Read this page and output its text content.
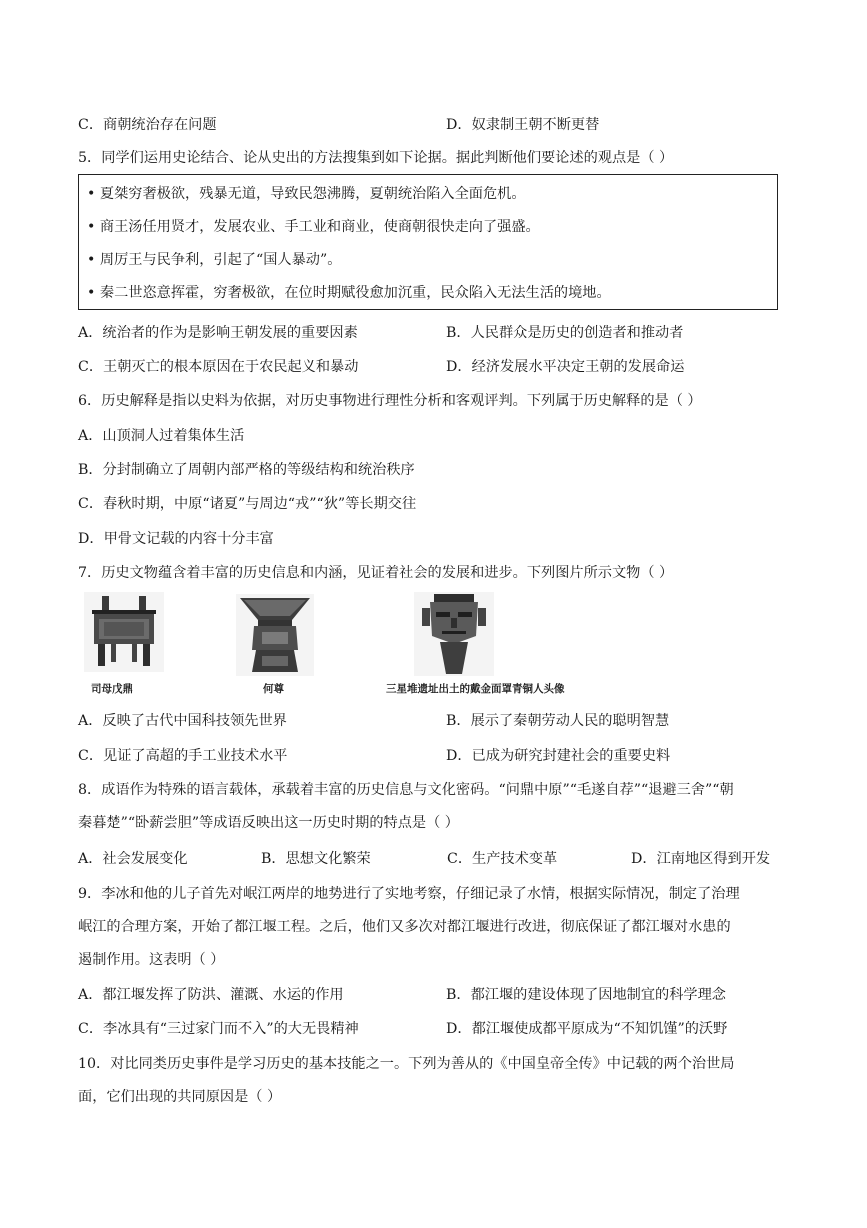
C．商朝统治存在问题	D．奴隶制王朝不断更替
5．同学们运用史论结合、论从史出的方法搜集到如下论据。据此判断他们要论述的观点是（ ）
• 夏桀穷奢极欲，残暴无道，导致民怨沸腾，夏朝统治陷入全面危机。
• 商王汤任用贤才，发展农业、手工业和商业，使商朝很快走向了强盛。
• 周厉王与民争利，引起了“国人暴动”。
• 秦二世恣意挥霍，穷奢极欲，在位时期赋役愈加沉重，民众陷入无法生活的境地。
A．统治者的作为是影响王朝发展的重要因素	B．人民群众是历史的创造者和推动者
C．王朝灭亡的根本原因在于农民起义和暴动	D．经济发展水平决定王朝的发展命运
6．历史解释是指以史料为依据，对历史事物进行理性分析和客观评判。下列属于历史解释的是（ ）
A．山顶洞人过着集体生活
B．分封制确立了周朝内部严格的等级结构和统治秩序
C．春秋时期，中原“诸夏”与周边“戎”“狄”等长期交往
D．甲骨文记载的内容十分丰富
7．历史文物蕴含着丰富的历史信息和内涵，见证着社会的发展和进步。下列图片所示文物（ ）
司母戊鼎	何尊	三星堆遗址出土的戴金面罩青铜人头像
A．反映了古代中国科技领先世界	B．展示了秦朝劳动人民的聪明智慧
C．见证了高超的手工业技术水平	D．已成为研究封建社会的重要史料
8．成语作为特殊的语言载体，承载着丰富的历史信息与文化密码。“问鼎中原”“毛遂自荐”“退避三舍”“朝
秦暮楚”“卧薪尝胆”等成语反映出这一历史时期的特点是（ ）
A．社会发展变化	B．思想文化繁荣	C．生产技术变革	D．江南地区得到开发
9．李冰和他的儿子首先对岷江两岸的地势进行了实地考察，仔细记录了水情，根据实际情况，制定了治理
岷江的合理方案，开始了都江堰工程。之后，他们又多次对都江堰进行改进，彻底保证了都江堰对水患的
遏制作用。这表明（ ）
A．都江堰发挥了防洪、灌溉、水运的作用	B．都江堰的建设体现了因地制宜的科学理念
C．李冰具有“三过家门而不入”的大无畏精神	D．都江堰使成都平原成为“不知饥馑”的沃野
10．对比同类历史事件是学习历史的基本技能之一。下列为善从的《中国皇帝全传》中记载的两个治世局
面，它们出现的共同原因是（ ）
